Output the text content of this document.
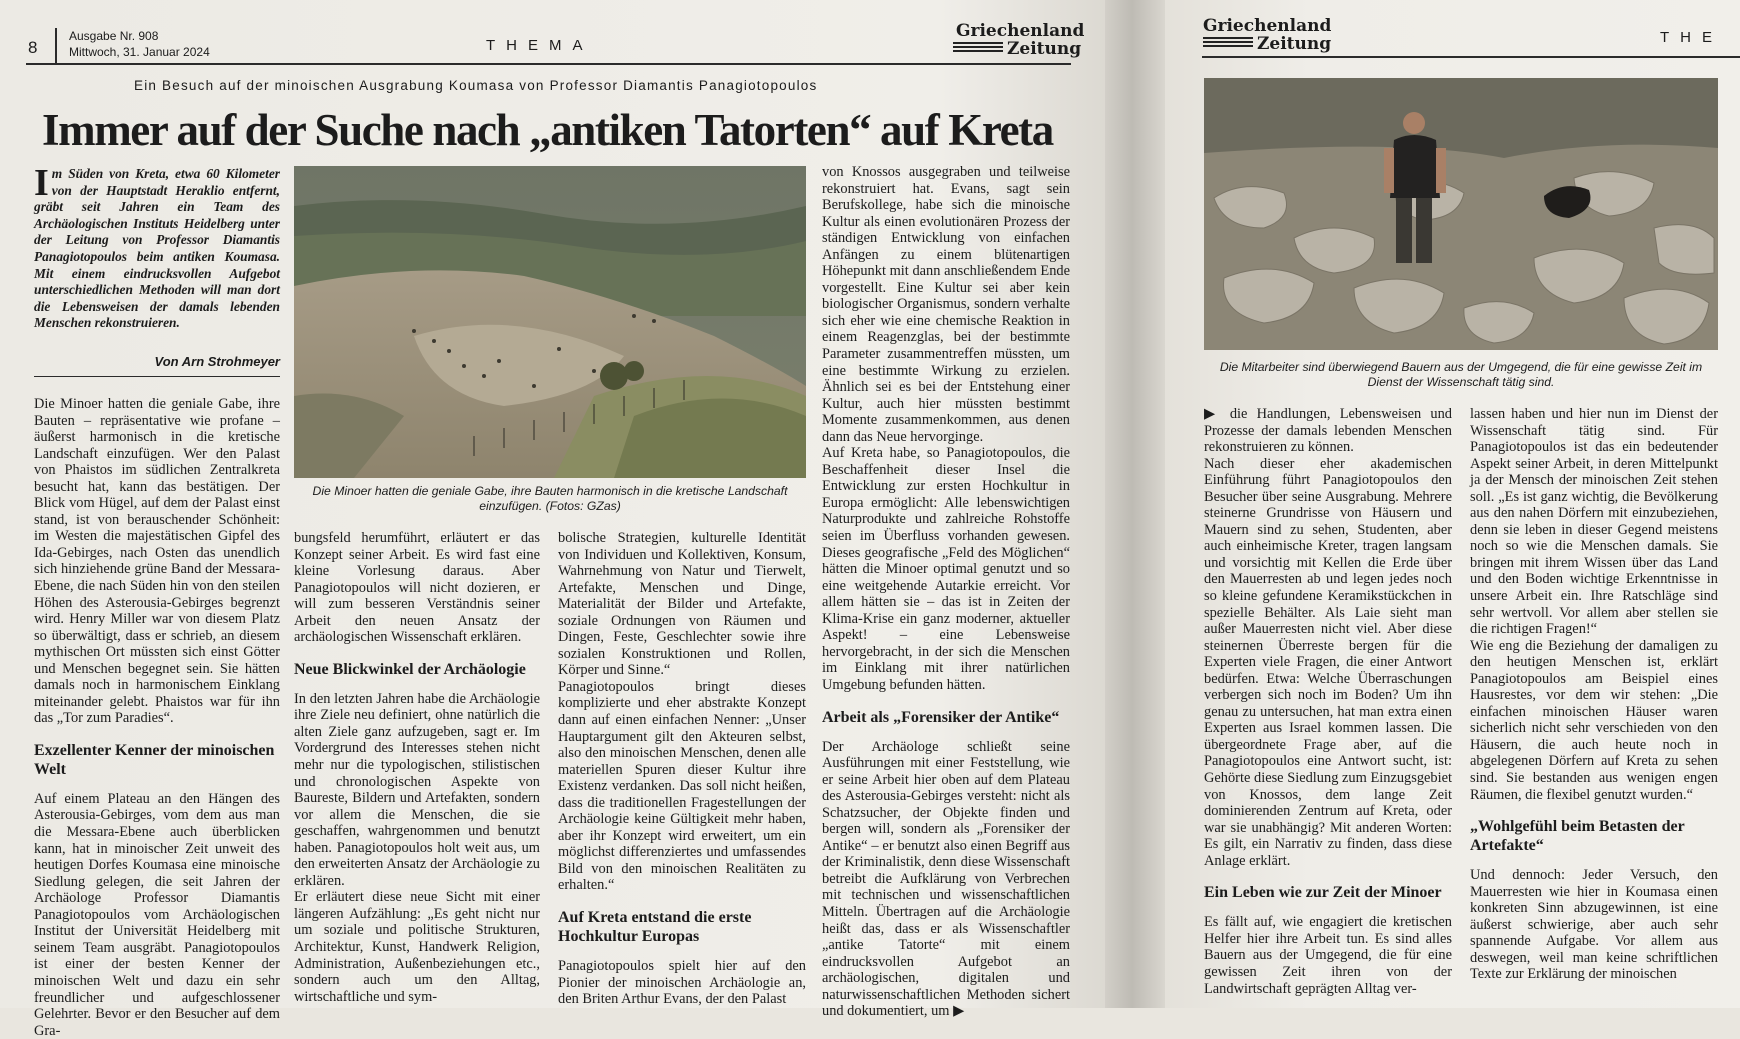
8
Ausgabe Nr. 908
Mittwoch, 31. Januar 2024	THEMA
Griechenland
Zeitung
Ein Besuch auf der minoischen Ausgrabung Koumasa von Professor Diamantis Panagiotopoulos
Immer auf der Suche nach „antiken Tatorten“ auf Kreta
I m Süden von Kreta, etwa 60 Kilometer von der Hauptstadt Heraklio entfernt, gräbt seit Jahren ein Team des Archäologischen Instituts Heidelberg unter der Leitung von Professor Diamantis Panagiotopoulos beim antiken Koumasa. Mit einem eindrucksvollen Aufgebot unterschiedlichen Methoden will man dort die Lebensweisen der damals lebenden Menschen rekonstruieren.
Von Arn Strohmeyer
Die Minoer hatten die geniale Gabe, ihre Bauten harmonisch in die kretische Landschaft einzufügen. (Fotos: GZas)

Die Minoer hatten die geniale Gabe, ihre Bauten – repräsentative wie profane – äußerst harmonisch in die kretische Landschaft einzufügen. Wer den Palast von Phaistos im südlichen Zentralkreta besucht hat, kann das bestätigen. Der Blick vom Hügel, auf dem der Palast einst stand, ist von berauschender Schönheit: im Westen die majestätischen Gipfel des Ida-Gebirges, nach Osten das unendlich sich hinziehende grüne Band der Messara-Ebene, die nach Süden hin von den steilen Höhen des Asterousia-Gebirges begrenzt wird. Henry Miller war von diesem Platz so überwältigt, dass er schrieb, an diesem mythischen Ort müssten sich einst Götter und Menschen begegnet sein. Sie hätten damals noch in harmonischem Einklang miteinander gelebt. Phaistos war für ihn das „Tor zum Paradies“.

Exzellenter Kenner der minoischen Welt

Auf einem Plateau an den Hängen des Asterousia-Gebirges, vom dem aus man die Messara-Ebene auch überblicken kann, hat in minoischer Zeit unweit des heutigen Dorfes Koumasa eine minoische Siedlung gelegen, die seit Jahren der Archäologe Professor Diamantis Panagiotopoulos vom Archäologischen Institut der Universität Heidelberg mit seinem Team ausgräbt. Panagiotopoulos ist einer der besten Kenner der minoischen Welt und dazu ein sehr freundlicher und aufgeschlossener Gelehrter. Bevor er den Besucher auf dem Gra-

bungsfeld herumführt, erläutert er das Konzept seiner Arbeit. Es wird fast eine kleine Vorlesung daraus. Aber Panagiotopoulos will nicht dozieren, er will zum besseren Verständnis seiner Arbeit den neuen Ansatz der archäologischen Wissenschaft erklären.

Neue Blickwinkel der Archäologie

In den letzten Jahren habe die Archäologie ihre Ziele neu definiert, ohne natürlich die alten Ziele ganz aufzugeben, sagt er. Im Vordergrund des Interesses stehen nicht mehr nur die typologischen, stilistischen und chronologischen Aspekte von Baureste, Bildern und Artefakten, sondern vor allem die Menschen, die sie geschaffen, wahrgenommen und benutzt haben. Panagiotopoulos holt weit aus, um den erweiterten Ansatz der Archäologie zu erklären.

Er erläutert diese neue Sicht mit einer längeren Aufzählung: „Es geht nicht nur um soziale und politische Strukturen, Architektur, Kunst, Handwerk Religion, Administration, Außenbeziehungen etc., sondern auch um den Alltag, wirtschaftliche und sym-

bolische Strategien, kulturelle Identität von Individuen und Kollektiven, Konsum, Wahrnehmung von Natur und Tierwelt, Artefakte, Menschen und Dinge, Materialität der Bilder und Artefakte, soziale Ordnungen von Räumen und Dingen, Feste, Geschlechter sowie ihre sozialen Konstruktionen und Rollen, Körper und Sinne.“

Panagiotopoulos bringt dieses komplizierte und eher abstrakte Konzept dann auf einen einfachen Nenner: „Unser Hauptargument gilt den Akteuren selbst, also den minoischen Menschen, denen alle materiellen Spuren dieser Kultur ihre Existenz verdanken. Das soll nicht heißen, dass die traditionellen Fragestellungen der Archäologie keine Gültigkeit mehr haben, aber ihr Konzept wird erweitert, um ein möglichst differenziertes und umfassendes Bild von den minoischen Realitäten zu erhalten.“

Auf Kreta entstand die erste Hochkultur Europas

Panagiotopoulos spielt hier auf den Pionier der minoischen Archäologie an, den Briten Arthur Evans, der den Palast

von Knossos ausgegraben und teilweise rekonstruiert hat. Evans, sagt sein Berufskollege, habe sich die minoische Kultur als einen evolutionären Prozess der ständigen Entwicklung von einfachen Anfängen zu einem blütenartigen Höhepunkt mit dann anschließendem Ende vorgestellt. Eine Kultur sei aber kein biologischer Organismus, sondern verhalte sich eher wie eine chemische Reaktion in einem Reagenzglas, bei der bestimmte Parameter zusammentreffen müssten, um eine bestimmte Wirkung zu erzielen. Ähnlich sei es bei der Entstehung einer Kultur, auch hier müssten bestimmt Momente zusammenkommen, aus denen dann das Neue hervorginge.

Auf Kreta habe, so Panagiotopoulos, die Beschaffenheit dieser Insel die Entwicklung zur ersten Hochkultur in Europa ermöglicht: Alle lebenswichtigen Naturprodukte und zahlreiche Rohstoffe seien im Überfluss vorhanden gewesen. Dieses geografische „Feld des Möglichen“ hätten die Minoer optimal genutzt und so eine weitgehende Autarkie erreicht. Vor allem hätten sie – das ist in Zeiten der Klima-Krise ein ganz moderner, aktueller Aspekt! – eine Lebensweise hervorgebracht, in der sich die Menschen im Einklang mit ihrer natürlichen Umgebung befunden hätten.

Arbeit als „Forensiker der Antike“

Der Archäologe schließt seine Ausführungen mit einer Feststellung, wie er seine Arbeit hier oben auf dem Plateau des Asterousia-Gebirges versteht: nicht als Schatzsucher, der Objekte finden und bergen will, sondern als „Forensiker der Antike“ – er benutzt also einen Begriff aus der Kriminalistik, denn diese Wissenschaft betreibt die Aufklärung von Verbrechen mit technischen und wissenschaftlichen Mitteln. Übertragen auf die Archäologie heißt das, dass er als Wissenschaftler „antike Tatorte“ mit einem eindrucksvollen Aufgebot an archäologischen, digitalen und naturwissenschaftlichen Methoden sichert und dokumentiert, um ▶

Griechenland
Zeitung	THE
Die Mitarbeiter sind überwiegend Bauern aus der Umgegend, die für eine gewisse Zeit im Dienst der Wissenschaft tätig sind.

▶ die Handlungen, Lebensweisen und Prozesse der damals lebenden Menschen rekonstruieren zu können.

Nach dieser eher akademischen Einführung führt Panagiotopoulos den Besucher über seine Ausgrabung. Mehrere steinerne Grundrisse von Häusern und Mauern sind zu sehen, Studenten, aber auch einheimische Kreter, tragen langsam und vorsichtig mit Kellen die Erde über den Mauerresten ab und legen jedes noch so kleine gefundene Keramikstückchen in spezielle Behälter. Als Laie sieht man außer Mauerresten nicht viel. Aber diese steinernen Überreste bergen für die Experten viele Fragen, die einer Antwort bedürfen. Etwa: Welche Überraschungen verbergen sich noch im Boden? Um ihn genau zu untersuchen, hat man extra einen Experten aus Israel kommen lassen. Die übergeordnete Frage aber, auf die Panagiotopoulos eine Antwort sucht, ist: Gehörte diese Siedlung zum Einzugsgebiet von Knossos, dem lange Zeit dominierenden Zentrum auf Kreta, oder war sie unabhängig? Mit anderen Worten: Es gilt, ein Narrativ zu finden, dass diese Anlage erklärt.

Ein Leben wie zur Zeit der Minoer

Es fällt auf, wie engagiert die kretischen Helfer hier ihre Arbeit tun. Es sind alles Bauern aus der Umgegend, die für eine gewissen Zeit ihren von der Landwirtschaft geprägten Alltag ver-

lassen haben und hier nun im Dienst der Wissenschaft tätig sind. Für Panagiotopoulos ist das ein bedeutender Aspekt seiner Arbeit, in deren Mittelpunkt ja der Mensch der minoischen Zeit stehen soll. „Es ist ganz wichtig, die Bevölkerung aus den nahen Dörfern mit einzubeziehen, denn sie leben in dieser Gegend meistens noch so wie die Menschen damals. Sie bringen mit ihrem Wissen über das Land und den Boden wichtige Erkenntnisse in unsere Arbeit ein. Ihre Ratschläge sind sehr wertvoll. Vor allem aber stellen sie die richtigen Fragen!“

Wie eng die Beziehung der damaligen zu den heutigen Menschen ist, erklärt Panagiotopoulos am Beispiel eines Hausrestes, vor dem wir stehen: „Die einfachen minoischen Häuser waren sicherlich nicht sehr verschieden von den Häusern, die auch heute noch in abgelegenen Dörfern auf Kreta zu sehen sind. Sie bestanden aus wenigen engen Räumen, die flexibel genutzt wurden.“

„Wohlgefühl beim Betasten der Artefakte“

Und dennoch: Jeder Versuch, den Mauerresten wie hier in Koumasa einen konkreten Sinn abzugewinnen, ist eine äußerst schwierige, aber auch sehr spannende Aufgabe. Vor allem aus deswegen, weil man keine schriftlichen Texte zur Erklärung der minoischen
